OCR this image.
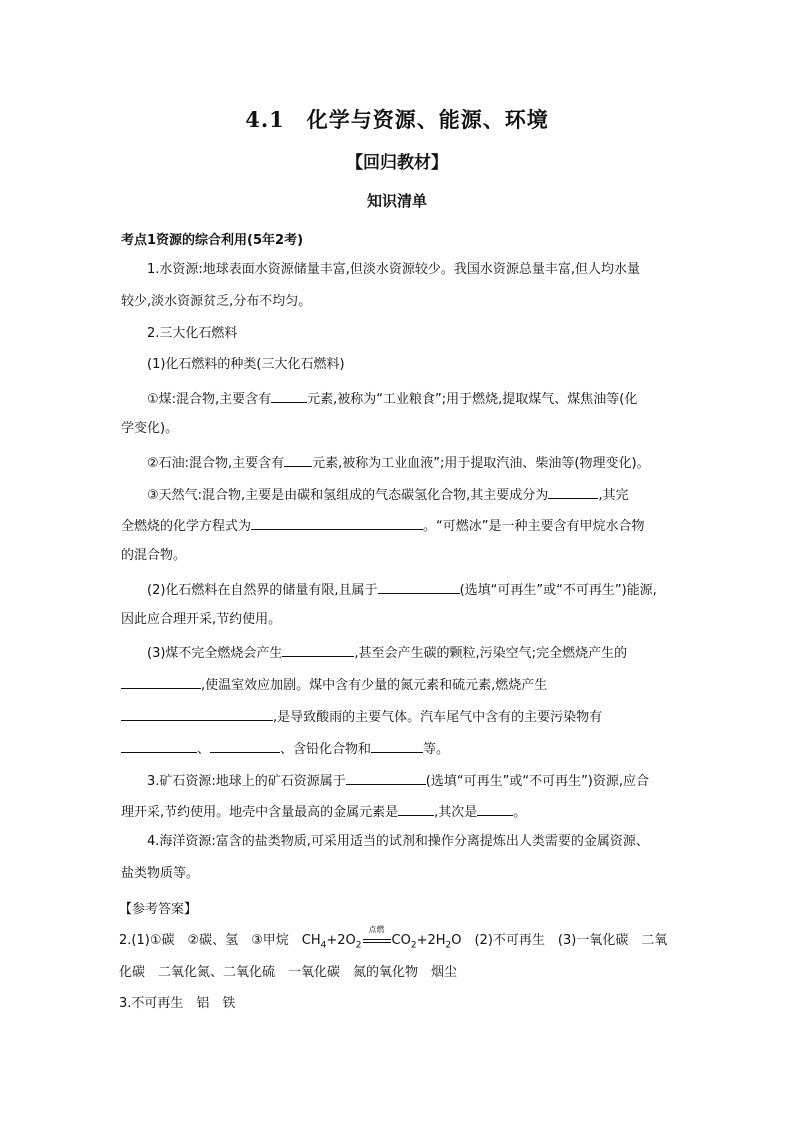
4.1 化学与资源、能源、环境
【回归教材】
知识清单
考点1资源的综合利用(5年2考)
1.水资源:地球表面水资源储量丰富,但淡水资源较少。我国水资源总量丰富,但人均水量
较少,淡水资源贫乏,分布不均匀。
2.三大化石燃料
(1)化石燃料的种类(三大化石燃料)
①煤:混合物,主要含有	元素,被称为“工业粮食”;用于燃烧,提取煤气、煤焦油等(化
学变化)。
②石油:混合物,主要含有 元素,被称为工业血液”;用于提取汽油、柴油等(物理变化)。
③天然气:混合物,主要是由碳和氢组成的气态碳氢化合物,其主要成分为	,其完
全燃烧的化学方程式为	。“可燃冰”是一种主要含有甲烷水合物
的混合物。
(2)化石燃料在自然界的储量有限,且属于	(选填“可再生”或“不可再生”)能源,
因此应合理开采,节约使用。
(3)煤不完全燃烧会产生	,甚至会产生碳的颗粒,污染空气;完全燃烧产生的
,使温室效应加剧。煤中含有少量的氮元素和硫元素,燃烧产生
,是导致酸雨的主要气体。汽车尾气中含有的主要污染物有
、	、含铅化合物和	等。
3.矿石资源:地球上的矿石资源属于	(选填“可再生”或“不可再生”)资源,应合
理开采,节约使用。地壳中含量最高的金属元素是	,其次是	。
4.海洋资源:富含的盐类物质,可采用适当的试剂和操作分离提炼出人类需要的金属资源、
盐类物质等。
【参考答案】
2.(1)①碳　②碳、氢　③甲烷　$CH_4+2O_2$
点燃
$CO_2+2H_2O$　(2)不可再生　(3)一氧化碳　二氧
化碳　二氧化氮、二氧化硫　一氧化碳　氮的氧化物　烟尘
3.不可再生　铝　铁
